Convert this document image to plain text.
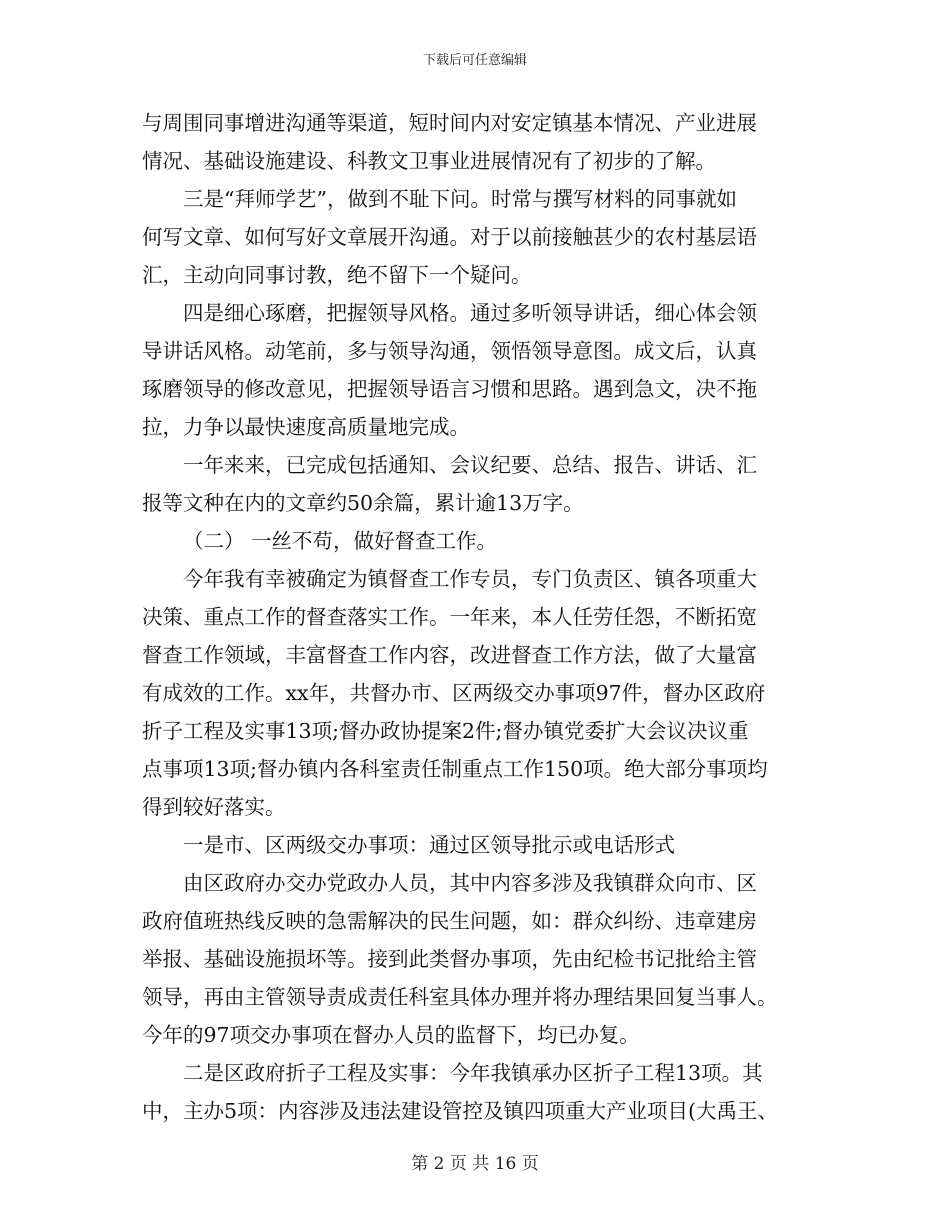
下载后可任意编辑
与周围同事增进沟通等渠道，短时间内对安定镇基本情况、产业进展
情况、基础设施建设、科教文卫事业进展情况有了初步的了解。
三是“拜师学艺”，做到不耻下问。时常与撰写材料的同事就如
何写文章、如何写好文章展开沟通。对于以前接触甚少的农村基层语
汇，主动向同事讨教，绝不留下一个疑问。
四是细心琢磨，把握领导风格。通过多听领导讲话，细心体会领
导讲话风格。动笔前，多与领导沟通，领悟领导意图。成文后，认真
琢磨领导的修改意见，把握领导语言习惯和思路。遇到急文，决不拖
拉，力争以最快速度高质量地完成。
一年来来，已完成包括通知、会议纪要、总结、报告、讲话、汇
报等文种在内的文章约50余篇，累计逾13万字。
（二） 一丝不苟，做好督查工作。
今年我有幸被确定为镇督查工作专员，专门负责区、镇各项重大
决策、重点工作的督查落实工作。一年来，本人任劳任怨，不断拓宽
督查工作领域，丰富督查工作内容，改进督查工作方法，做了大量富
有成效的工作。xx年，共督办市、区两级交办事项97件，督办区政府
折子工程及实事13项;督办政协提案2件;督办镇党委扩大会议决议重
点事项13项;督办镇内各科室责任制重点工作150项。绝大部分事项均
得到较好落实。
一是市、区两级交办事项：通过区领导批示或电话形式
由区政府办交办党政办人员，其中内容多涉及我镇群众向市、区
政府值班热线反映的急需解决的民生问题，如：群众纠纷、违章建房
举报、基础设施损坏等。接到此类督办事项，先由纪检书记批给主管
领导，再由主管领导责成责任科室具体办理并将办理结果回复当事人。
今年的97项交办事项在督办人员的监督下，均已办复。
二是区政府折子工程及实事：今年我镇承办区折子工程13项。其
中，主办5项：内容涉及违法建设管控及镇四项重大产业项目(大禹王、
第 2 页 共 16 页
